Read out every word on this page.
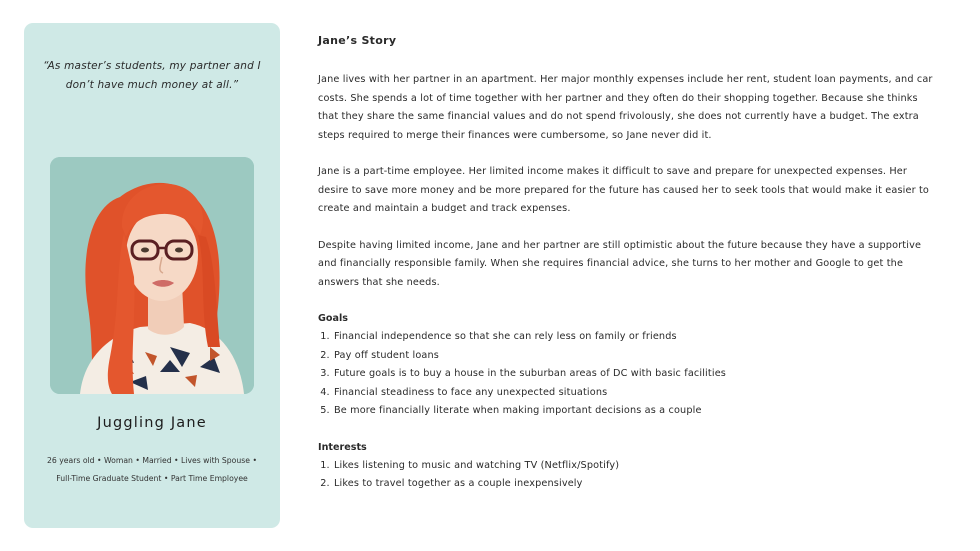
“As master’s students, my partner and I don’t have much money at all.”
Juggling Jane
26 years old • Woman • Married • Lives with Spouse •
Full-Time Graduate Student • Part Time Employee
Jane’s Story

Jane lives with her partner in an apartment. Her major monthly expenses include her rent, student loan payments, and car costs. She spends a lot of time together with her partner and they often do their shopping together. Because she thinks that they share the same financial values and do not spend frivolously, she does not currently have a budget. The extra steps required to merge their finances were cumbersome, so Jane never did it.

Jane is a part-time employee. Her limited income makes it difficult to save and prepare for unexpected expenses. Her desire to save more money and be more prepared for the future has caused her to seek tools that would make it easier to create and maintain a budget and track expenses.

Despite having limited income, Jane and her partner are still optimistic about the future because they have a supportive and financially responsible family. When she requires financial advice, she turns to her mother and Google to get the answers that she needs.

Goals
1. Financial independence so that she can rely less on family or friends
2. Pay off student loans
3. Future goals is to buy a house in the suburban areas of DC with basic facilities
4. Financial steadiness to face any unexpected situations
5. Be more financially literate when making important decisions as a couple
Interests
1. Likes listening to music and watching TV (Netflix/Spotify)
2. Likes to travel together as a couple inexpensively
